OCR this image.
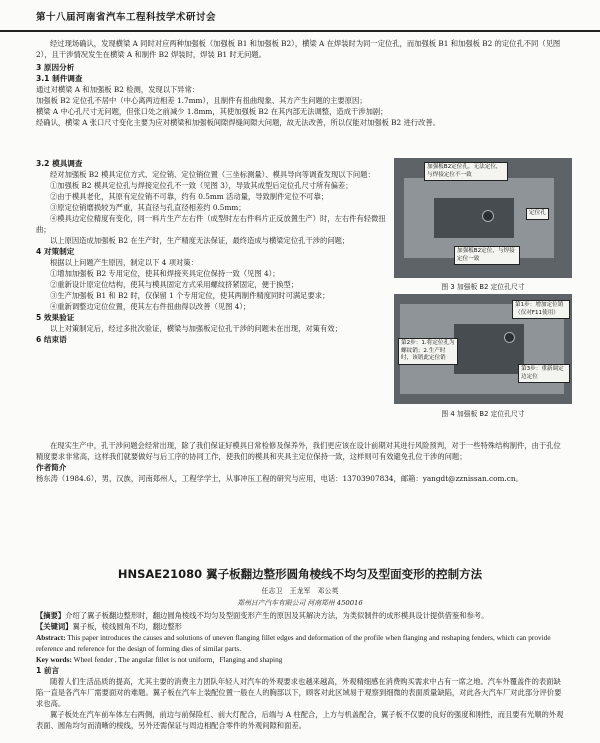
第十八届河南省汽车工程科技学术研讨会

经过现场确认，发现横梁 A 同时对应两种加强板（加强板 B1 和加强板 B2），横梁 A 在焊装时为同一定位孔，而加强板 B1 和加强板 B2 的定位孔不同（见图 2），且干涉情况发生在横梁 A 和制件 B2 焊装时，焊装 B1 时无问题。

3 原因分析

3.1 制件调查

通过对横梁 A 和加强板 B2 检测，发现以下异常：

加强板 B2 定位孔不居中（中心离两边相差 1.7mm），且制件有扭曲现象、其方产生问题的主要原因；

横梁 A 中心孔尺寸无问题，但张口处之前减少 1.8mm，其使加强板 B2 在其内部无法调整，造成干涉加剧；

经确认，横梁 A 张口尺寸变化主要为应对横梁和加强板间隙焊缝间隙大问题，故无法改善，所以仅能对加强板 B2 进行改善。

3.2 模具调查

经对加强板 B2 模具定位方式、定位销、定位销位置（三坐标测量）、模具导向等调查发现以下问题：

①加强板 B2 模具定位孔与焊接定位孔不一致（见图 3），导致其成型后定位孔尺寸所有偏差；

②由于模具老化，其原有定位销不可靠，约有 0.5mm 活动量，导致制件定位不可靠；

③原定位销磨损较为严重，其直径与孔直径相差约 0.5mm；

④模具边定位精度有变化，同一料片生产左右件（成型时左右件料片正反放置生产）时，左右件有轻微扭曲；

以上原因造成加强板 B2 在生产时，生产精度无法保证，最终造成与横梁定位孔干涉的问题；

4 对策制定

根据以上问题产生原因，制定以下 4 项对策：

①增加加强板 B2 专用定位，使其和焊接夹具定位保持一致（见图 4）；

②重新设计原定位结构，使其与模具固定方式采用螺纹挤紧固定，便于换型；

③生产加强板 B1 和 B2 时，仅保留 1 个专用定位，使其两制件精度同时可满足要求；

④重新调整边定位位置，使其左右件扭曲得以改善（见图 4）；

5 效果验证

以上对策制定后，经过多批次验证，横梁与加强板定位孔干涉的问题未在出现，对策有效；

6 结束语

在现实生产中，孔干涉问题会经常出现，除了我们保证好模具日常检修及保养外，我们更应该在设计前期对其进行风险预判，对于一些特殊结构制件，由于孔位精度要求非常高，这样我们就要做好与后工序的协同工作，使我们的模具和夹具主定位保持一致，这样则可有效避免孔位干涉的问题；

作者简介

杨东涛（1984.6），男，汉族，河南郑州人，工程学学士，从事冲压工程的研究与应用，电话：13703907834，邮箱：yangdt@zznissan.com.cn。

加强板B2定位孔，无法定位，与焊接定位不一致
定位孔
加强板B2定位，与焊接定位一致
图 3 加强板 B2 定位孔尺寸
第1步：增加定位销（仅对F11使用）
第2步：1.将定位孔为螺纹销；2.生产时时，该销此定位销
第3步：重新调定边定位
图 4 加强板 B2 定位孔尺寸
HNSAE21080 翼子板翻边整形圆角棱线不均匀及型面变形的控制方法
任志卫　王龙军　邓公英
郑州日产汽车有限公司 河南郑州 450016

【摘要】介绍了翼子板翻边整形时，翻边圆角棱线不均匀及型面变形产生的原因及其解决方法，为类似制件的成形模具设计提供借鉴和参考。

【关键词】翼子板，棱线圆角不均，翻边整形

Abstract: This paper introduces the causes and solutions of uneven flanging fillet edges and deformation of the profile when flanging and reshaping fenders, which can provide reference and reference for the design of forming dies of similar parts.

Key words: Wheel fender , The angular fillet is not uniform，Flanging and shaping

1 前言

随着人们生活品质的提高，尤其主要的消费主力团队年轻人对汽车的外观要求也越来越高，外观精细感在消费购买需求中占有一席之地。汽车外覆盖件的表面缺陷一直是各汽车厂需要面对的难题。翼子板在汽车上装配位置一般在人的胸部以下，顾客对此区域易于观察到细微的表面质量缺陷，对此各大汽车厂对此部分评价要求也高。

翼子板处在汽车前车体左右两侧，前边与前保险杠、前大灯配合，后端与 A 柱配合，上方与机盖配合，翼子板不仅要的良好的强度和刚性，而且要有光顺的外观表面、圆角均匀而清晰的棱线，另外还需保证与周边相配合零件的外观间隙和面差。
